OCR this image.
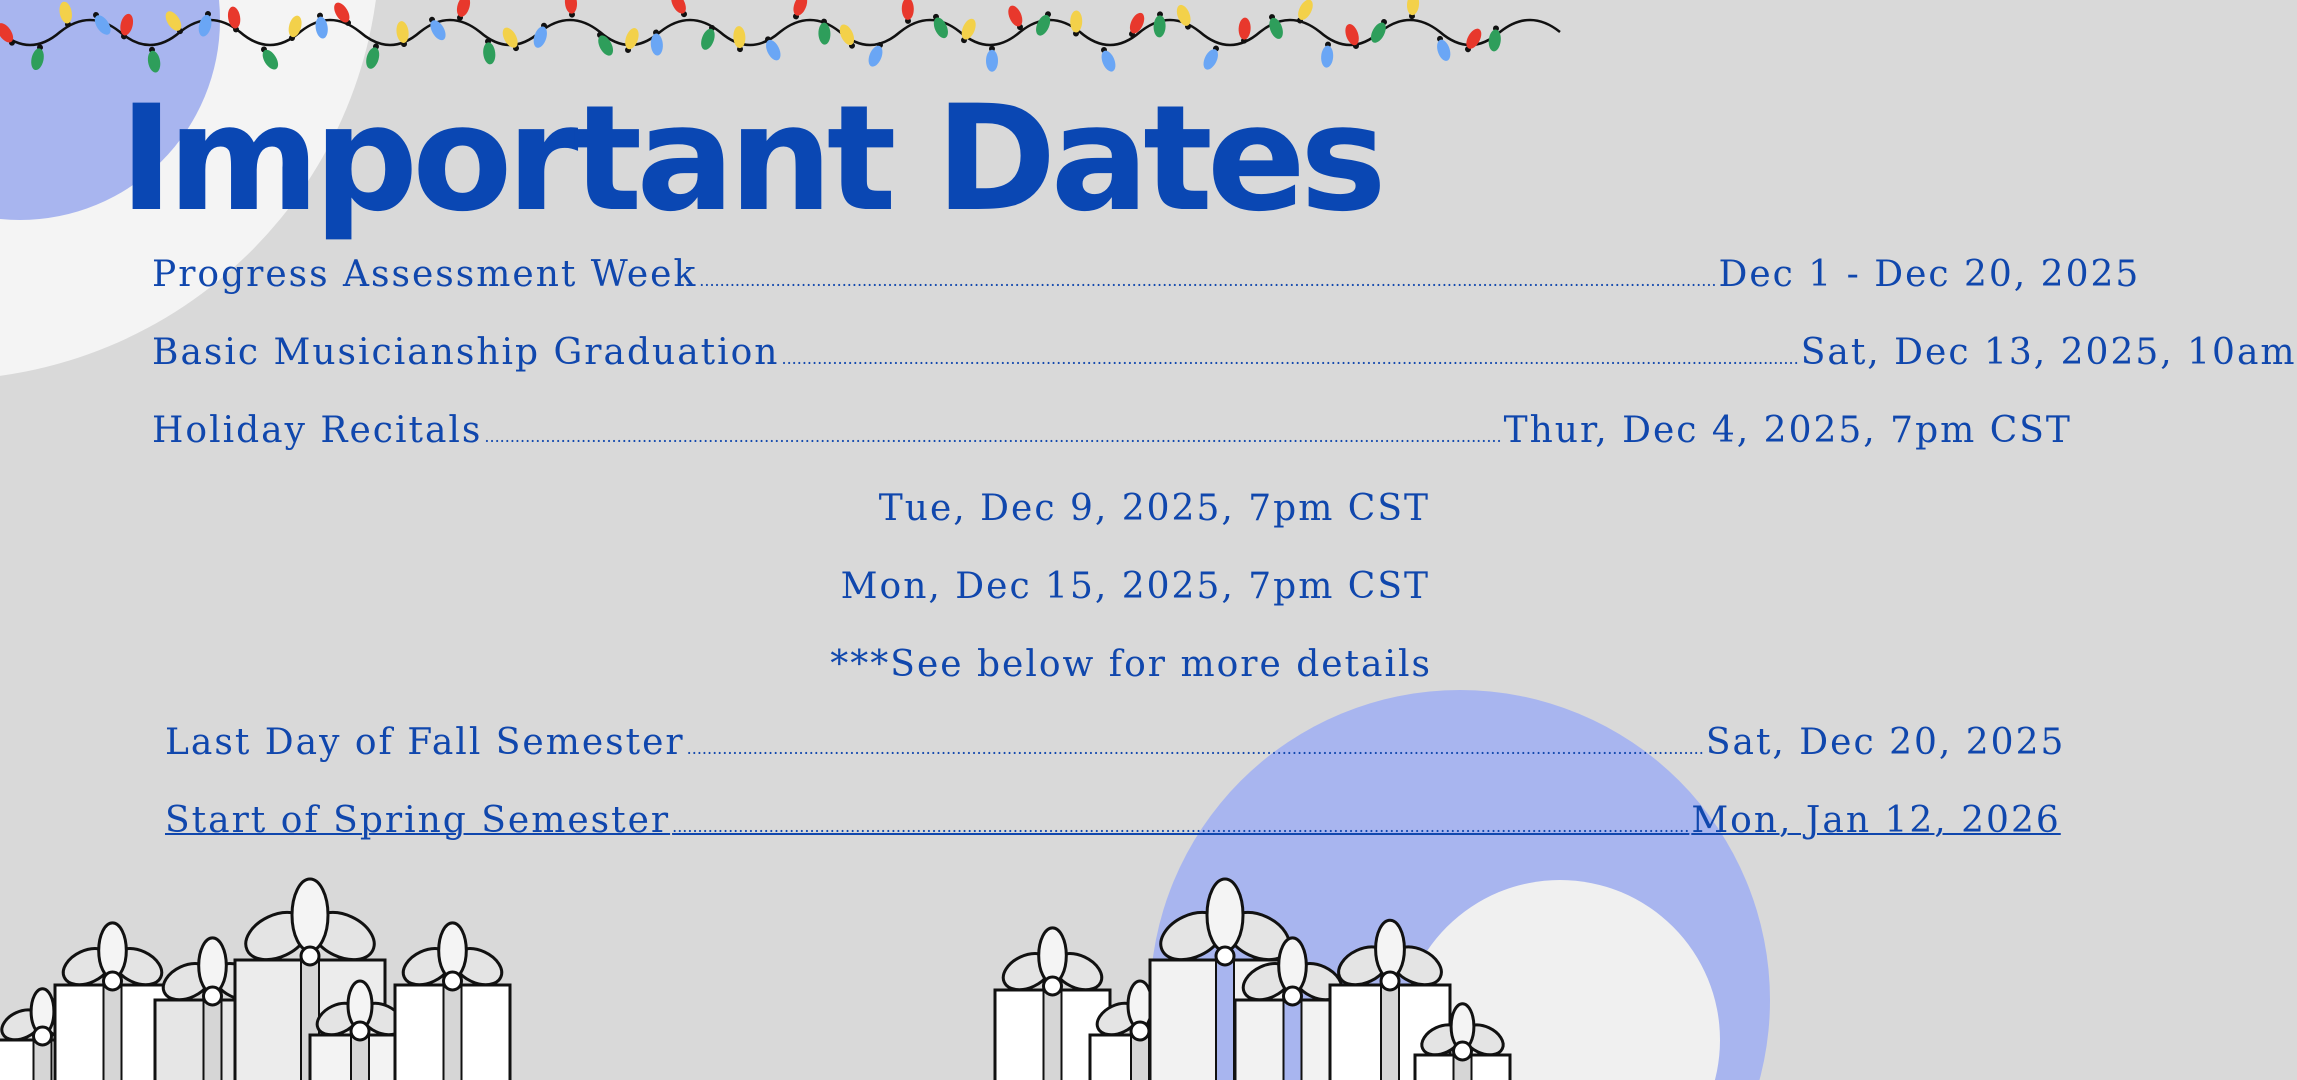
Important Dates
Progress Assessment Week ........................................................................................................................................................................................................ Dec 1 - Dec 20, 2025
Basic Musicianship Graduation ........................................................................................................................................................................................................ Sat, Dec 13, 2025, 10am
Holiday Recitals ........................................................................................................................................................................................................ Thur, Dec 4, 2025, 7pm CST
Tue, Dec 9, 2025, 7pm CST
Mon, Dec 15, 2025, 7pm CST
***See below for more details
Last Day of Fall Semester ........................................................................................................................................................................................................ Sat, Dec 20, 2025
Start of Spring Semester ........................................................................................................................................................................................................ Mon, Jan 12, 2026
